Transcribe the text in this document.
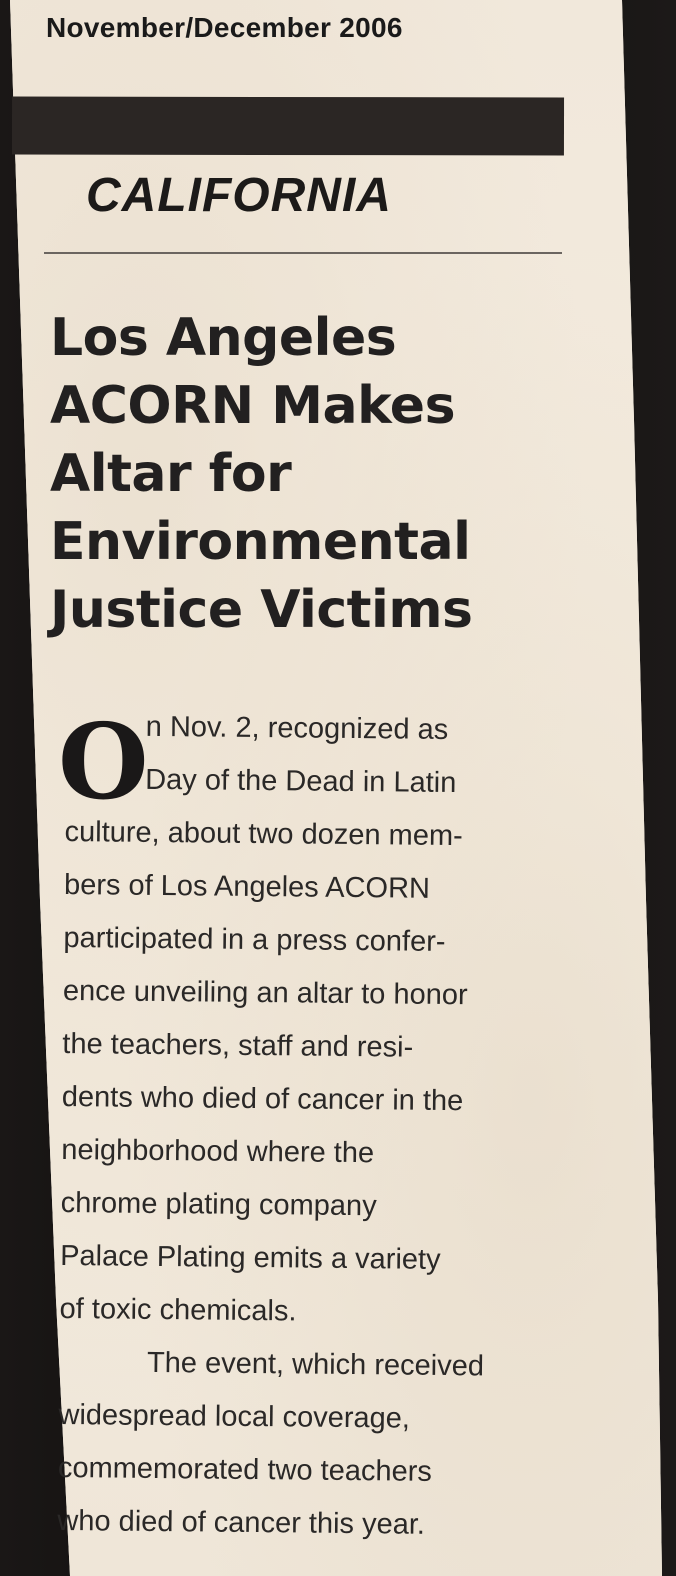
November/December 2006
CALIFORNIA
Los Angeles
ACORN Makes
Altar for
Environmental
Justice Victims
O
n Nov. 2, recognized as
Day of the Dead in Latin
culture, about two dozen mem-
bers of Los Angeles ACORN
participated in a press confer-
ence unveiling an altar to honor
the teachers, staff and resi-
dents who died of cancer in the
neighborhood where the
chrome plating company
Palace Plating emits a variety
of toxic chemicals.
The event, which received
widespread local coverage,
commemorated two teachers
who died of cancer this year.
